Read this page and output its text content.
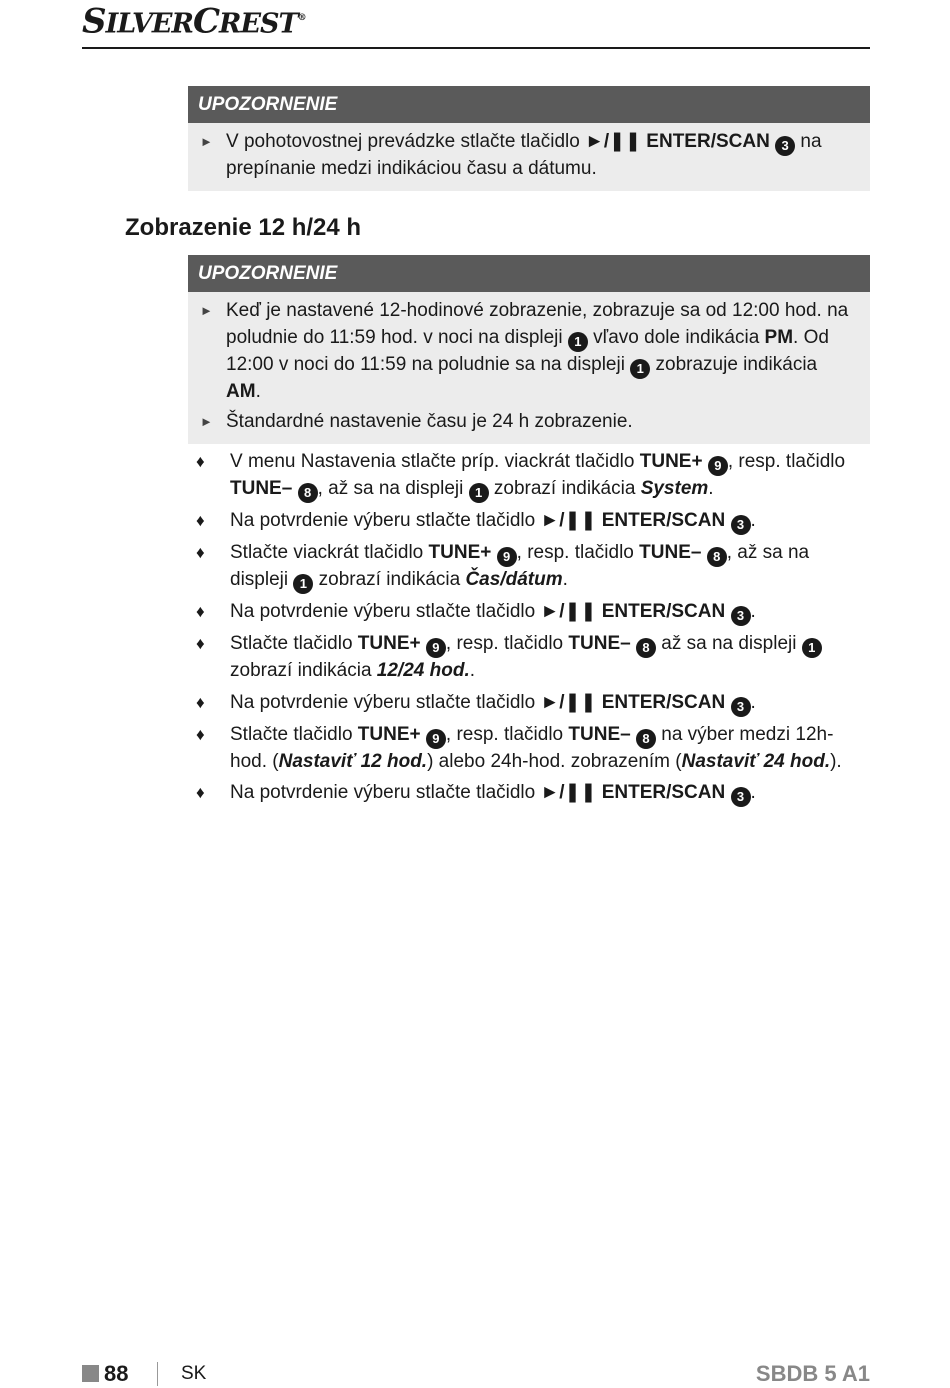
SILVERCREST®
UPOZORNENIE
► V pohotovostnej prevádzke stlačte tlačidlo ►/❚❚ ENTER/SCAN 3 na prepínanie medzi indikáciou času a dátumu.
Zobrazenie 12 h/24 h
UPOZORNENIE
► Keď je nastavené 12-hodinové zobrazenie, zobrazuje sa od 12:00 hod. na poludnie do 11:59 hod. v noci na displeji 1 vľavo dole indikácia PM. Od 12:00 v noci do 11:59 na poludnie sa na displeji 1 zobrazuje indikácia AM.
► Štandardné nastavenie času je 24 h zobrazenie.
♦ V menu Nastavenia stlačte príp. viackrát tlačidlo TUNE+ 9 , resp. tlačidlo TUNE– 8 , až sa na displeji 1 zobrazí indikácia System.
♦ Na potvrdenie výberu stlačte tlačidlo ►/❚❚ ENTER/SCAN 3 .
♦ Stlačte viackrát tlačidlo TUNE+ 9 , resp. tlačidlo TUNE– 8 , až sa na displeji 1 zobrazí indikácia Čas/dátum.
♦ Na potvrdenie výberu stlačte tlačidlo ►/❚❚ ENTER/SCAN 3 .
♦ Stlačte tlačidlo TUNE+ 9 , resp. tlačidlo TUNE– 8 až sa na displeji 1 zobrazí indikácia 12/24 hod..
♦ Na potvrdenie výberu stlačte tlačidlo ►/❚❚ ENTER/SCAN 3 .
♦ Stlačte tlačidlo TUNE+ 9 , resp. tlačidlo TUNE– 8 na výber medzi 12h-hod. (Nastaviť 12 hod.) alebo 24h-hod. zobrazením (Nastaviť 24 hod.).
♦ Na potvrdenie výberu stlačte tlačidlo ►/❚❚ ENTER/SCAN 3 .
88	SK	SBDB 5 A1
